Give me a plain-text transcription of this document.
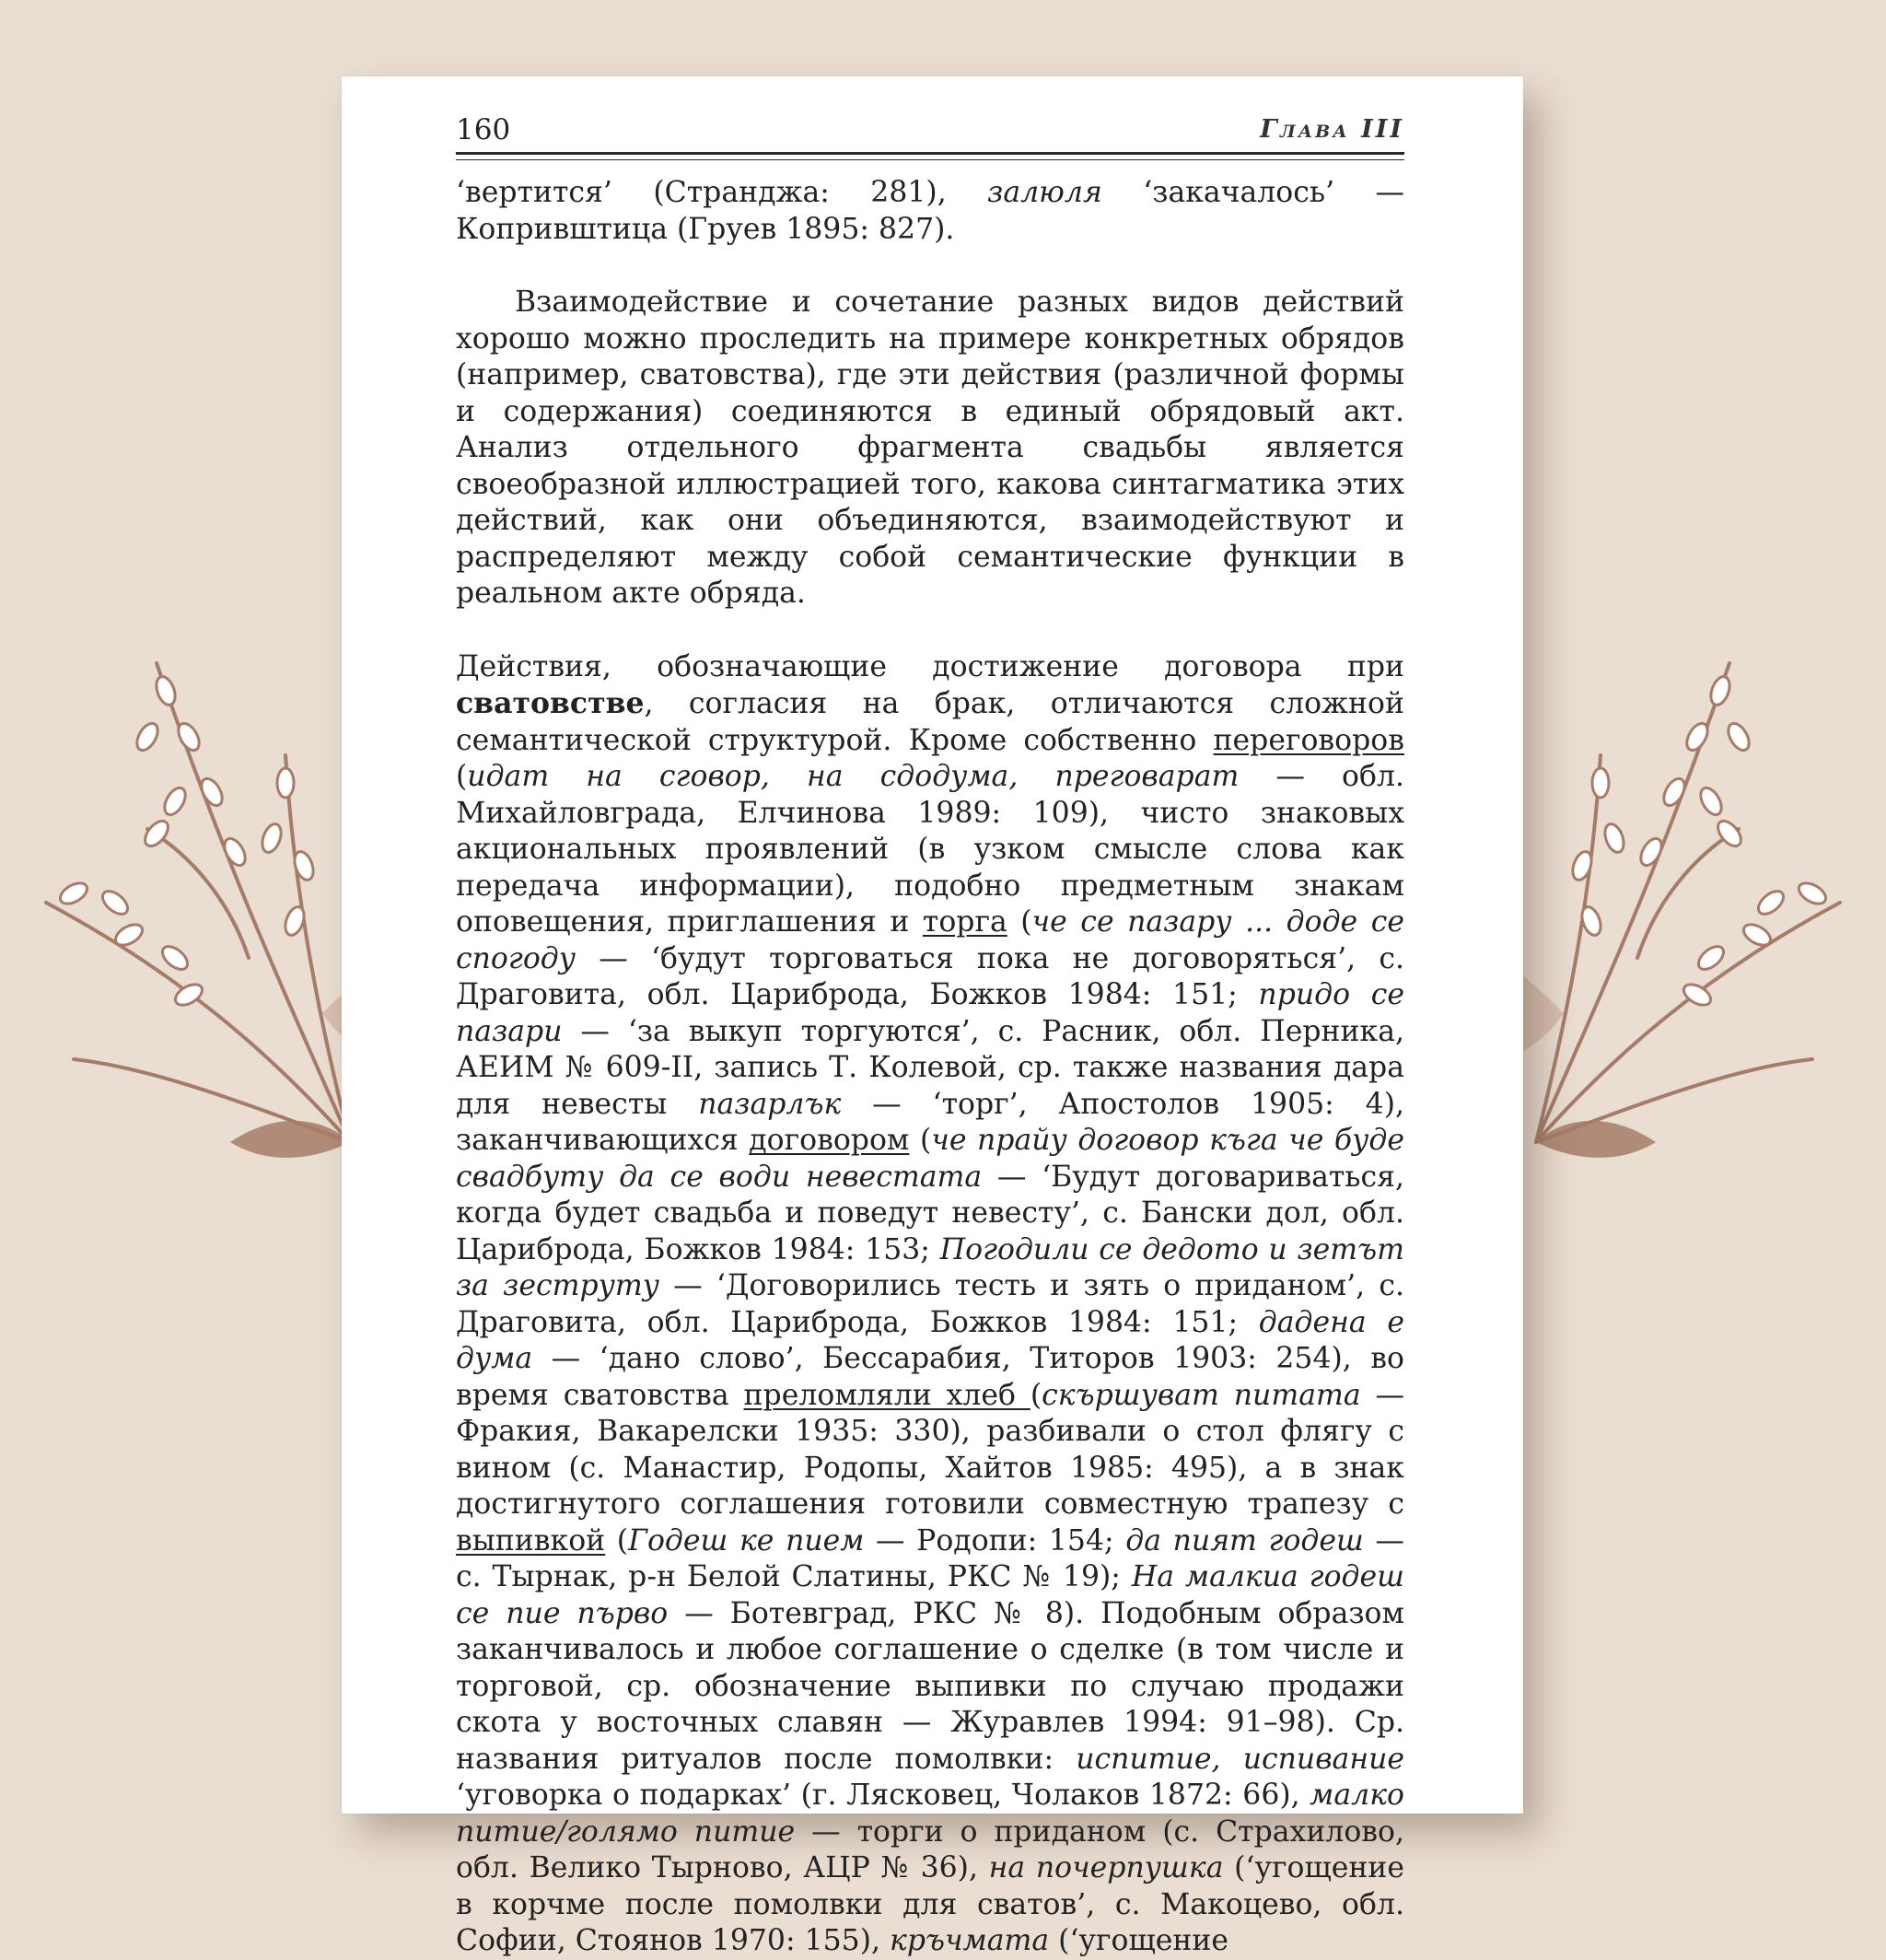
160	Глава III

‘вертится’ (Странджа: 281), залюля ‘закачалось’ — Копривштица (Груев 1895: 827).

Взаимодействие и сочетание разных видов действий хорошо можно проследить на примере конкретных обрядов (например, сватовства), где эти действия (различной формы и содержания) соединяются в единый обрядовый акт. Анализ отдельного фрагмента свадьбы является своеобразной иллюстрацией того, какова синтагматика этих действий, как они объединяются, взаимодействуют и распределяют между собой семантические функции в реальном акте обряда.

Действия, обозначающие достижение договора при сватовстве, согласия на брак, отличаются сложной семантической структурой. Кроме собственно переговоров (идат на сговор, на сдодума, преговарат — обл. Михайловграда, Елчинова 1989: 109), чисто знаковых акциональных проявлений (в узком смысле слова как передача информации), подобно предметным знакам оповещения, приглашения и торга (че се пазару ... доде се спогоду — ‘будут торговаться пока не договоряться’, с. Драговита, обл. Цариброда, Божков 1984: 151; придо се пазари — ‘за выкуп торгуются’, с. Расник, обл. Перника, АЕИМ № 609-II, запись Т. Колевой, ср. также названия дара для невесты пазарлък — ‘торг’, Апостолов 1905: 4), заканчивающихся договором (че прайу договор къга че буде свадбуту да се води невестата — ‘Будут договариваться, когда будет свадьба и поведут невесту’, с. Бански дол, обл. Цариброда, Божков 1984: 153; Погодили се дедото и зетът за зеструту — ‘Договорились тесть и зять о приданом’, с. Драговита, обл. Цариброда, Божков 1984: 151; дадена е дума — ‘дано слово’, Бессарабия, Титоров 1903: 254), во время сватовства преломляли хлеб (скършуват питата — Фракия, Вакарелски 1935: 330), разбивали о стол флягу с вином (с. Манастир, Родопы, Хайтов 1985: 495), а в знак достигнутого соглашения готовили совместную трапезу с выпивкой (Годеш ке пием — Родопи: 154; да пият годеш — с. Тырнак, р-н Белой Слатины, РКС № 19); На малкиа годеш се пие първо — Ботевград, РКС № 8). Подобным образом заканчивалось и любое соглашение о сделке (в том числе и торговой, ср. обозначение выпивки по случаю продажи скота у восточных славян — Журавлев 1994: 91–98). Ср. названия ритуалов после помолвки: испитие, испивание ‘уговорка о подарках’ (г. Лясковец, Чолаков 1872: 66), малко питие/голямо питие — торги о приданом (с. Страхилово, обл. Велико Тырново, АЦР № 36), на почерпушка (‘угощение в корчме после помолвки для сватов’, с. Макоцево, обл. Софии, Стоянов 1970: 155), кръчмата (‘угощение
